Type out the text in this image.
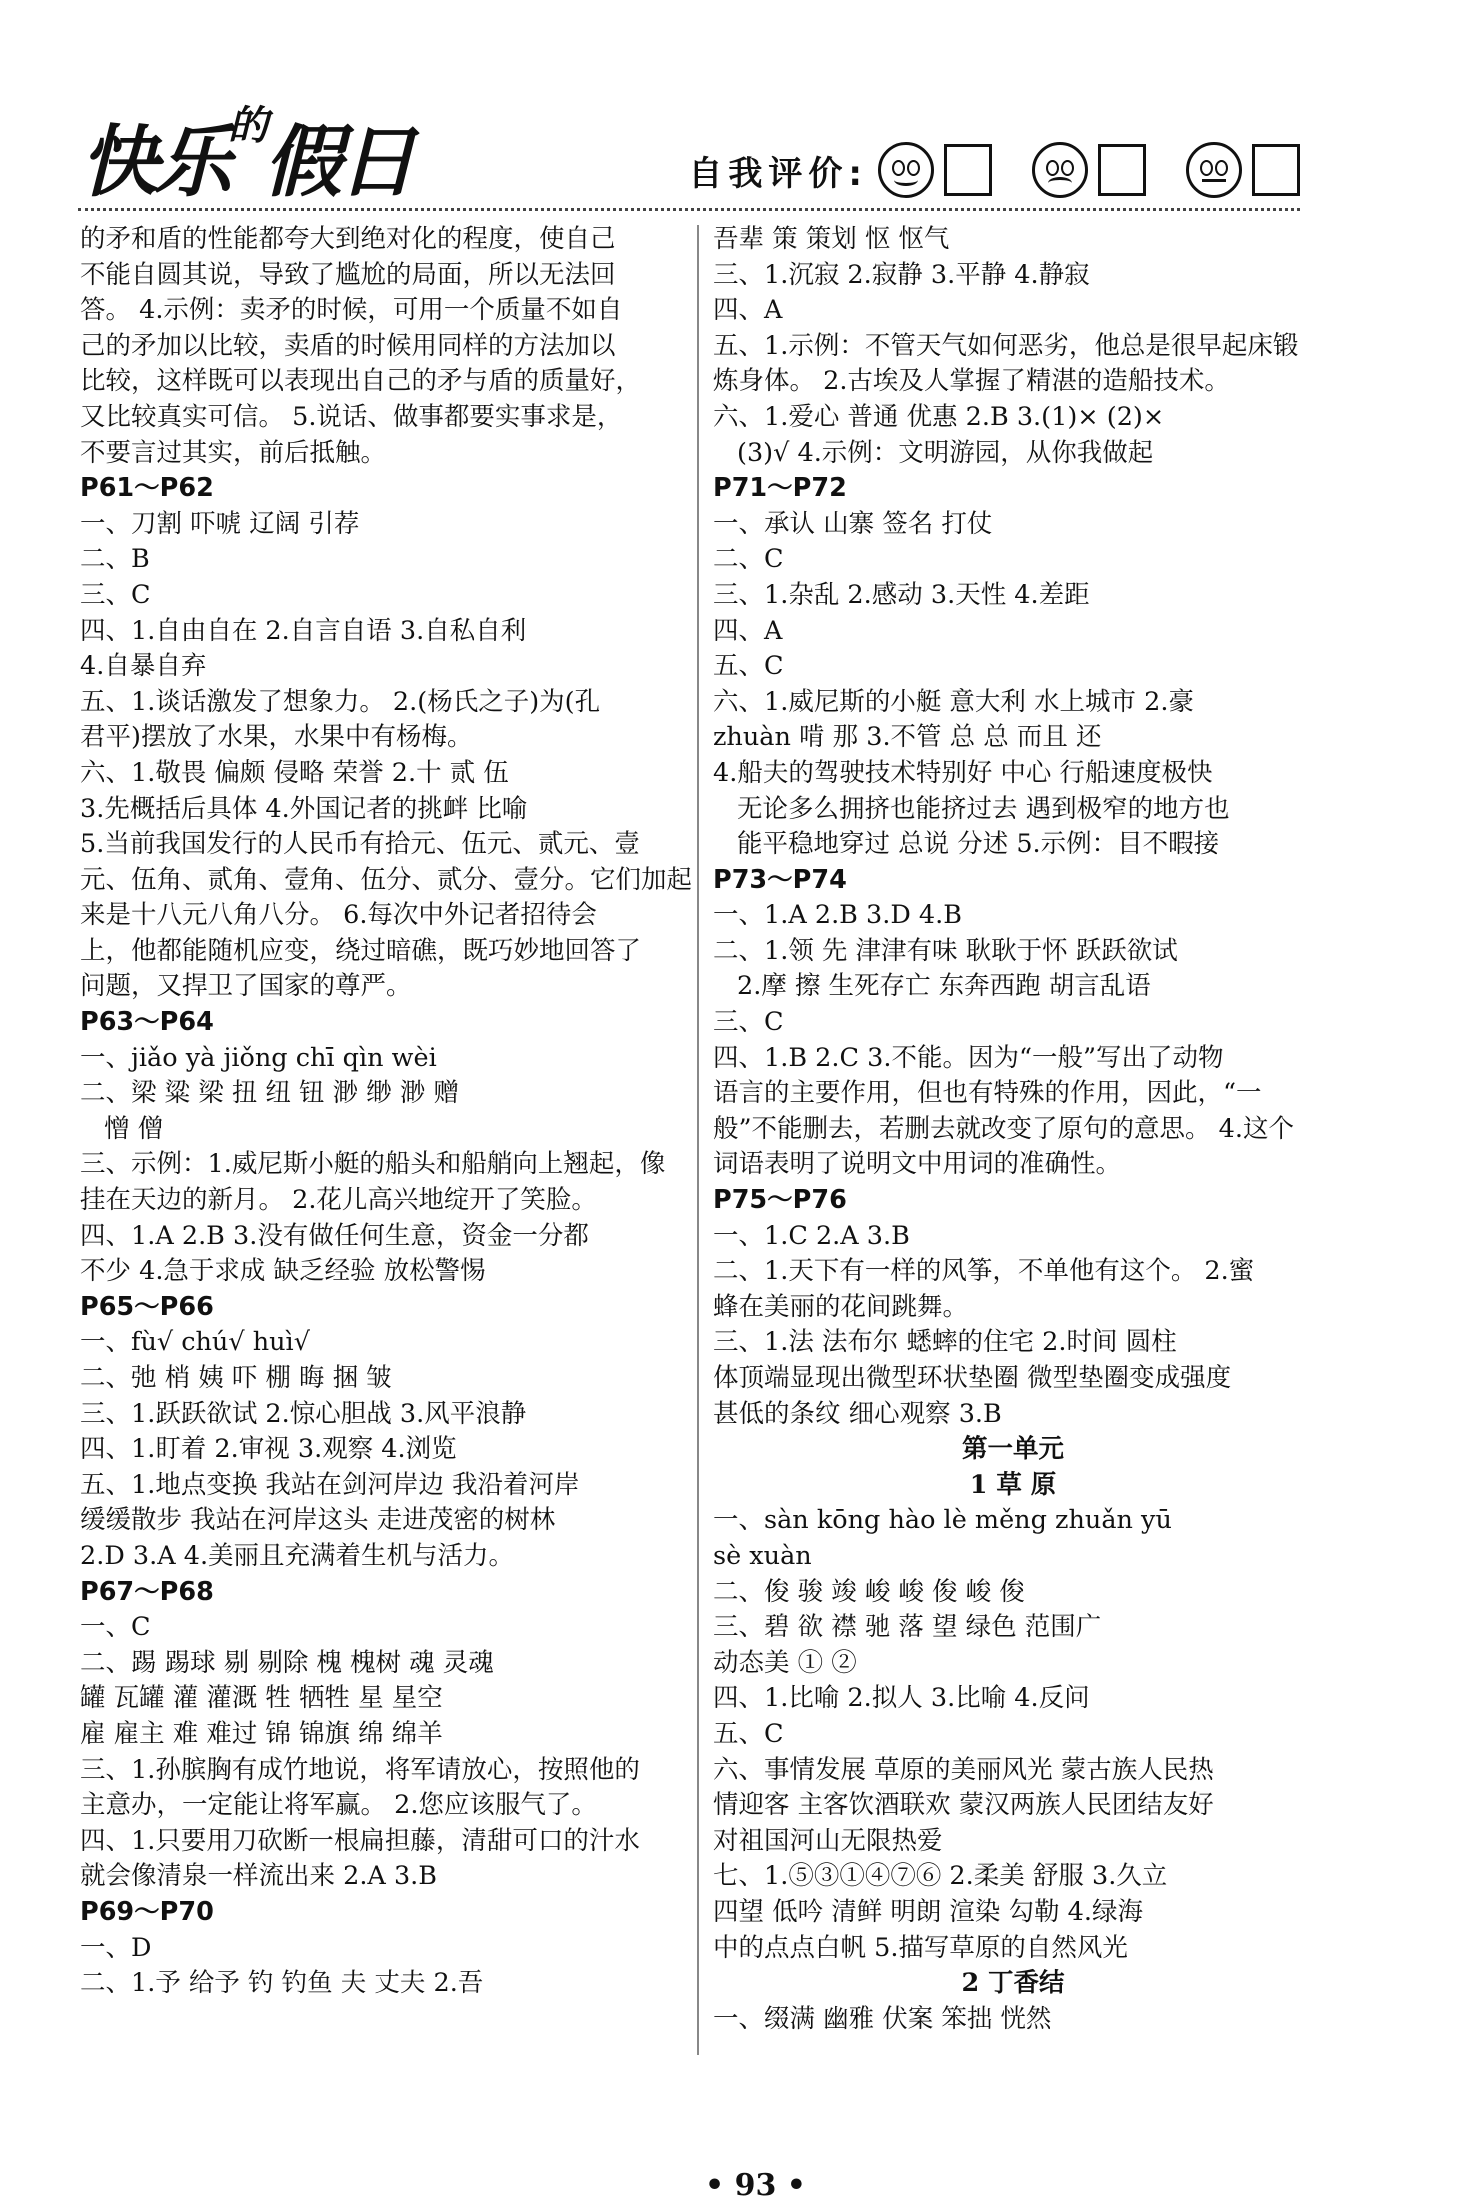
快乐$^的$假日	自我评价:
的矛和盾的性能都夸大到绝对化的程度，使自己
不能自圆其说，导致了尴尬的局面，所以无法回
答。 4.示例：卖矛的时候，可用一个质量不如自
己的矛加以比较，卖盾的时候用同样的方法加以
比较，这样既可以表现出自己的矛与盾的质量好，
又比较真实可信。 5.说话、做事都要实事求是，
不要言过其实，前后抵触。
P61～P62
一、刀割 吓唬 辽阔 引荐
二、B
三、C
四、1.自由自在 2.自言自语 3.自私自利
4.自暴自弃
五、1.谈话激发了想象力。 2.(杨氏之子)为(孔
君平)摆放了水果，水果中有杨梅。
六、1.敬畏 偏颇 侵略 荣誉 2.十 贰 伍
3.先概括后具体 4.外国记者的挑衅 比喻
5.当前我国发行的人民币有拾元、伍元、贰元、壹
元、伍角、贰角、壹角、伍分、贰分、壹分。它们加起
来是十八元八角八分。 6.每次中外记者招待会
上，他都能随机应变，绕过暗礁，既巧妙地回答了
问题，又捍卫了国家的尊严。
P63～P64
一、jiǎo yà jiǒng chī qìn wèi
二、梁 粱 梁 扭 纽 钮 渺 缈 渺 赠
憎 僧
三、示例：1.威尼斯小艇的船头和船艄向上翘起，像
挂在天边的新月。 2.花儿高兴地绽开了笑脸。
四、1.A 2.B 3.没有做任何生意，资金一分都
不少 4.急于求成 缺乏经验 放松警惕
P65～P66
一、fù√ chú√ huì√
二、弛 梢 姨 吓 棚 晦 捆 皱
三、1.跃跃欲试 2.惊心胆战 3.风平浪静
四、1.盯着 2.审视 3.观察 4.浏览
五、1.地点变换 我站在剑河岸边 我沿着河岸
缓缓散步 我站在河岸这头 走进茂密的树林
2.D 3.A 4.美丽且充满着生机与活力。
P67～P68
一、C
二、踢 踢球 剔 剔除 槐 槐树 魂 灵魂
罐 瓦罐 灌 灌溉 牲 牺牲 星 星空
雇 雇主 难 难过 锦 锦旗 绵 绵羊
三、1.孙膑胸有成竹地说，将军请放心，按照他的
主意办，一定能让将军赢。 2.您应该服气了。
四、1.只要用刀砍断一根扁担藤，清甜可口的汁水
就会像清泉一样流出来 2.A 3.B
P69～P70
一、D
二、1.予 给予 钓 钓鱼 夫 丈夫 2.吾
吾辈 策 策划 怄 怄气
三、1.沉寂 2.寂静 3.平静 4.静寂
四、A
五、1.示例：不管天气如何恶劣，他总是很早起床锻
炼身体。 2.古埃及人掌握了精湛的造船技术。
六、1.爱心 普通 优惠 2.B 3.(1)× (2)×
(3)√ 4.示例：文明游园，从你我做起
P71～P72
一、承认 山寨 签名 打仗
二、C
三、1.杂乱 2.感动 3.天性 4.差距
四、A
五、C
六、1.威尼斯的小艇 意大利 水上城市 2.豪
zhuàn 啃 那 3.不管 总 总 而且 还
4.船夫的驾驶技术特别好 中心 行船速度极快
无论多么拥挤也能挤过去 遇到极窄的地方也
能平稳地穿过 总说 分述 5.示例：目不暇接
P73～P74
一、1.A 2.B 3.D 4.B
二、1.领 先 津津有味 耿耿于怀 跃跃欲试
2.摩 擦 生死存亡 东奔西跑 胡言乱语
三、C
四、1.B 2.C 3.不能。因为“一般”写出了动物
语言的主要作用，但也有特殊的作用，因此，“一
般”不能删去，若删去就改变了原句的意思。 4.这个
词语表明了说明文中用词的准确性。
P75～P76
一、1.C 2.A 3.B
二、1.天下有一样的风筝，不单他有这个。 2.蜜
蜂在美丽的花间跳舞。
三、1.法 法布尔 蟋蟀的住宅 2.时间 圆柱
体顶端显现出微型环状垫圈 微型垫圈变成强度
甚低的条纹 细心观察 3.B
第一单元
1 草 原
一、sàn kōng hào lè měng zhuǎn yū
sè xuàn
二、俊 骏 竣 峻 峻 俊 峻 俊
三、碧 欲 襟 驰 落 望 绿色 范围广
动态美 ① ②
四、1.比喻 2.拟人 3.比喻 4.反问
五、C
六、事情发展 草原的美丽风光 蒙古族人民热
情迎客 主客饮酒联欢 蒙汉两族人民团结友好
对祖国河山无限热爱
七、1.⑤③①④⑦⑥ 2.柔美 舒服 3.久立
四望 低吟 清鲜 明朗 渲染 勾勒 4.绿海
中的点点白帆 5.描写草原的自然风光
2 丁香结
一、缀满 幽雅 伏案 笨拙 恍然
• 93 •
